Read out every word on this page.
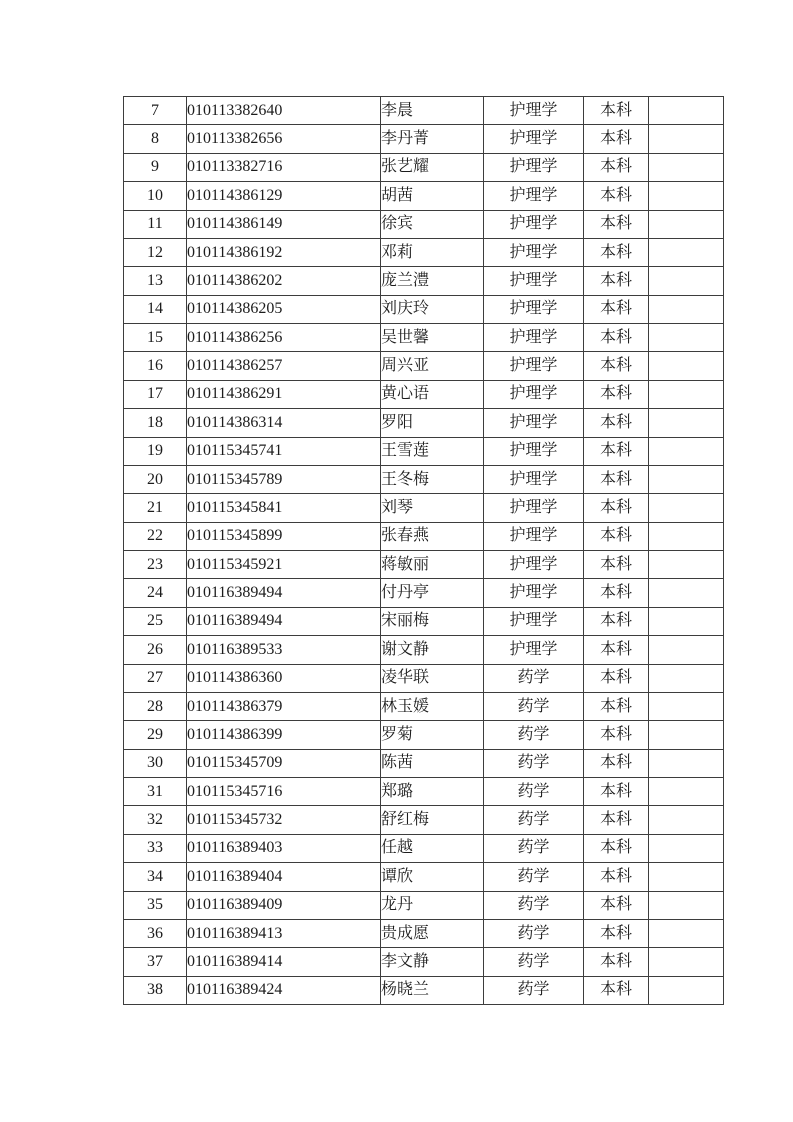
7	010113382640	李晨	护理学	本科	
8	010113382656	李丹菁	护理学	本科	
9	010113382716	张艺耀	护理学	本科	
10	010114386129	胡茜	护理学	本科	
11	010114386149	徐宾	护理学	本科	
12	010114386192	邓莉	护理学	本科	
13	010114386202	庞兰澧	护理学	本科	
14	010114386205	刘庆玲	护理学	本科	
15	010114386256	吴世馨	护理学	本科	
16	010114386257	周兴亚	护理学	本科	
17	010114386291	黄心语	护理学	本科	
18	010114386314	罗阳	护理学	本科	
19	010115345741	王雪莲	护理学	本科	
20	010115345789	王冬梅	护理学	本科	
21	010115345841	刘琴	护理学	本科	
22	010115345899	张春燕	护理学	本科	
23	010115345921	蒋敏丽	护理学	本科	
24	010116389494	付丹亭	护理学	本科	
25	010116389494	宋丽梅	护理学	本科	
26	010116389533	谢文静	护理学	本科	
27	010114386360	凌华联	药学	本科	
28	010114386379	林玉媛	药学	本科	
29	010114386399	罗菊	药学	本科	
30	010115345709	陈茜	药学	本科	
31	010115345716	郑璐	药学	本科	
32	010115345732	舒红梅	药学	本科	
33	010116389403	任越	药学	本科	
34	010116389404	谭欣	药学	本科	
35	010116389409	龙丹	药学	本科	
36	010116389413	贵成愿	药学	本科	
37	010116389414	李文静	药学	本科	
38	010116389424	杨晓兰	药学	本科	
